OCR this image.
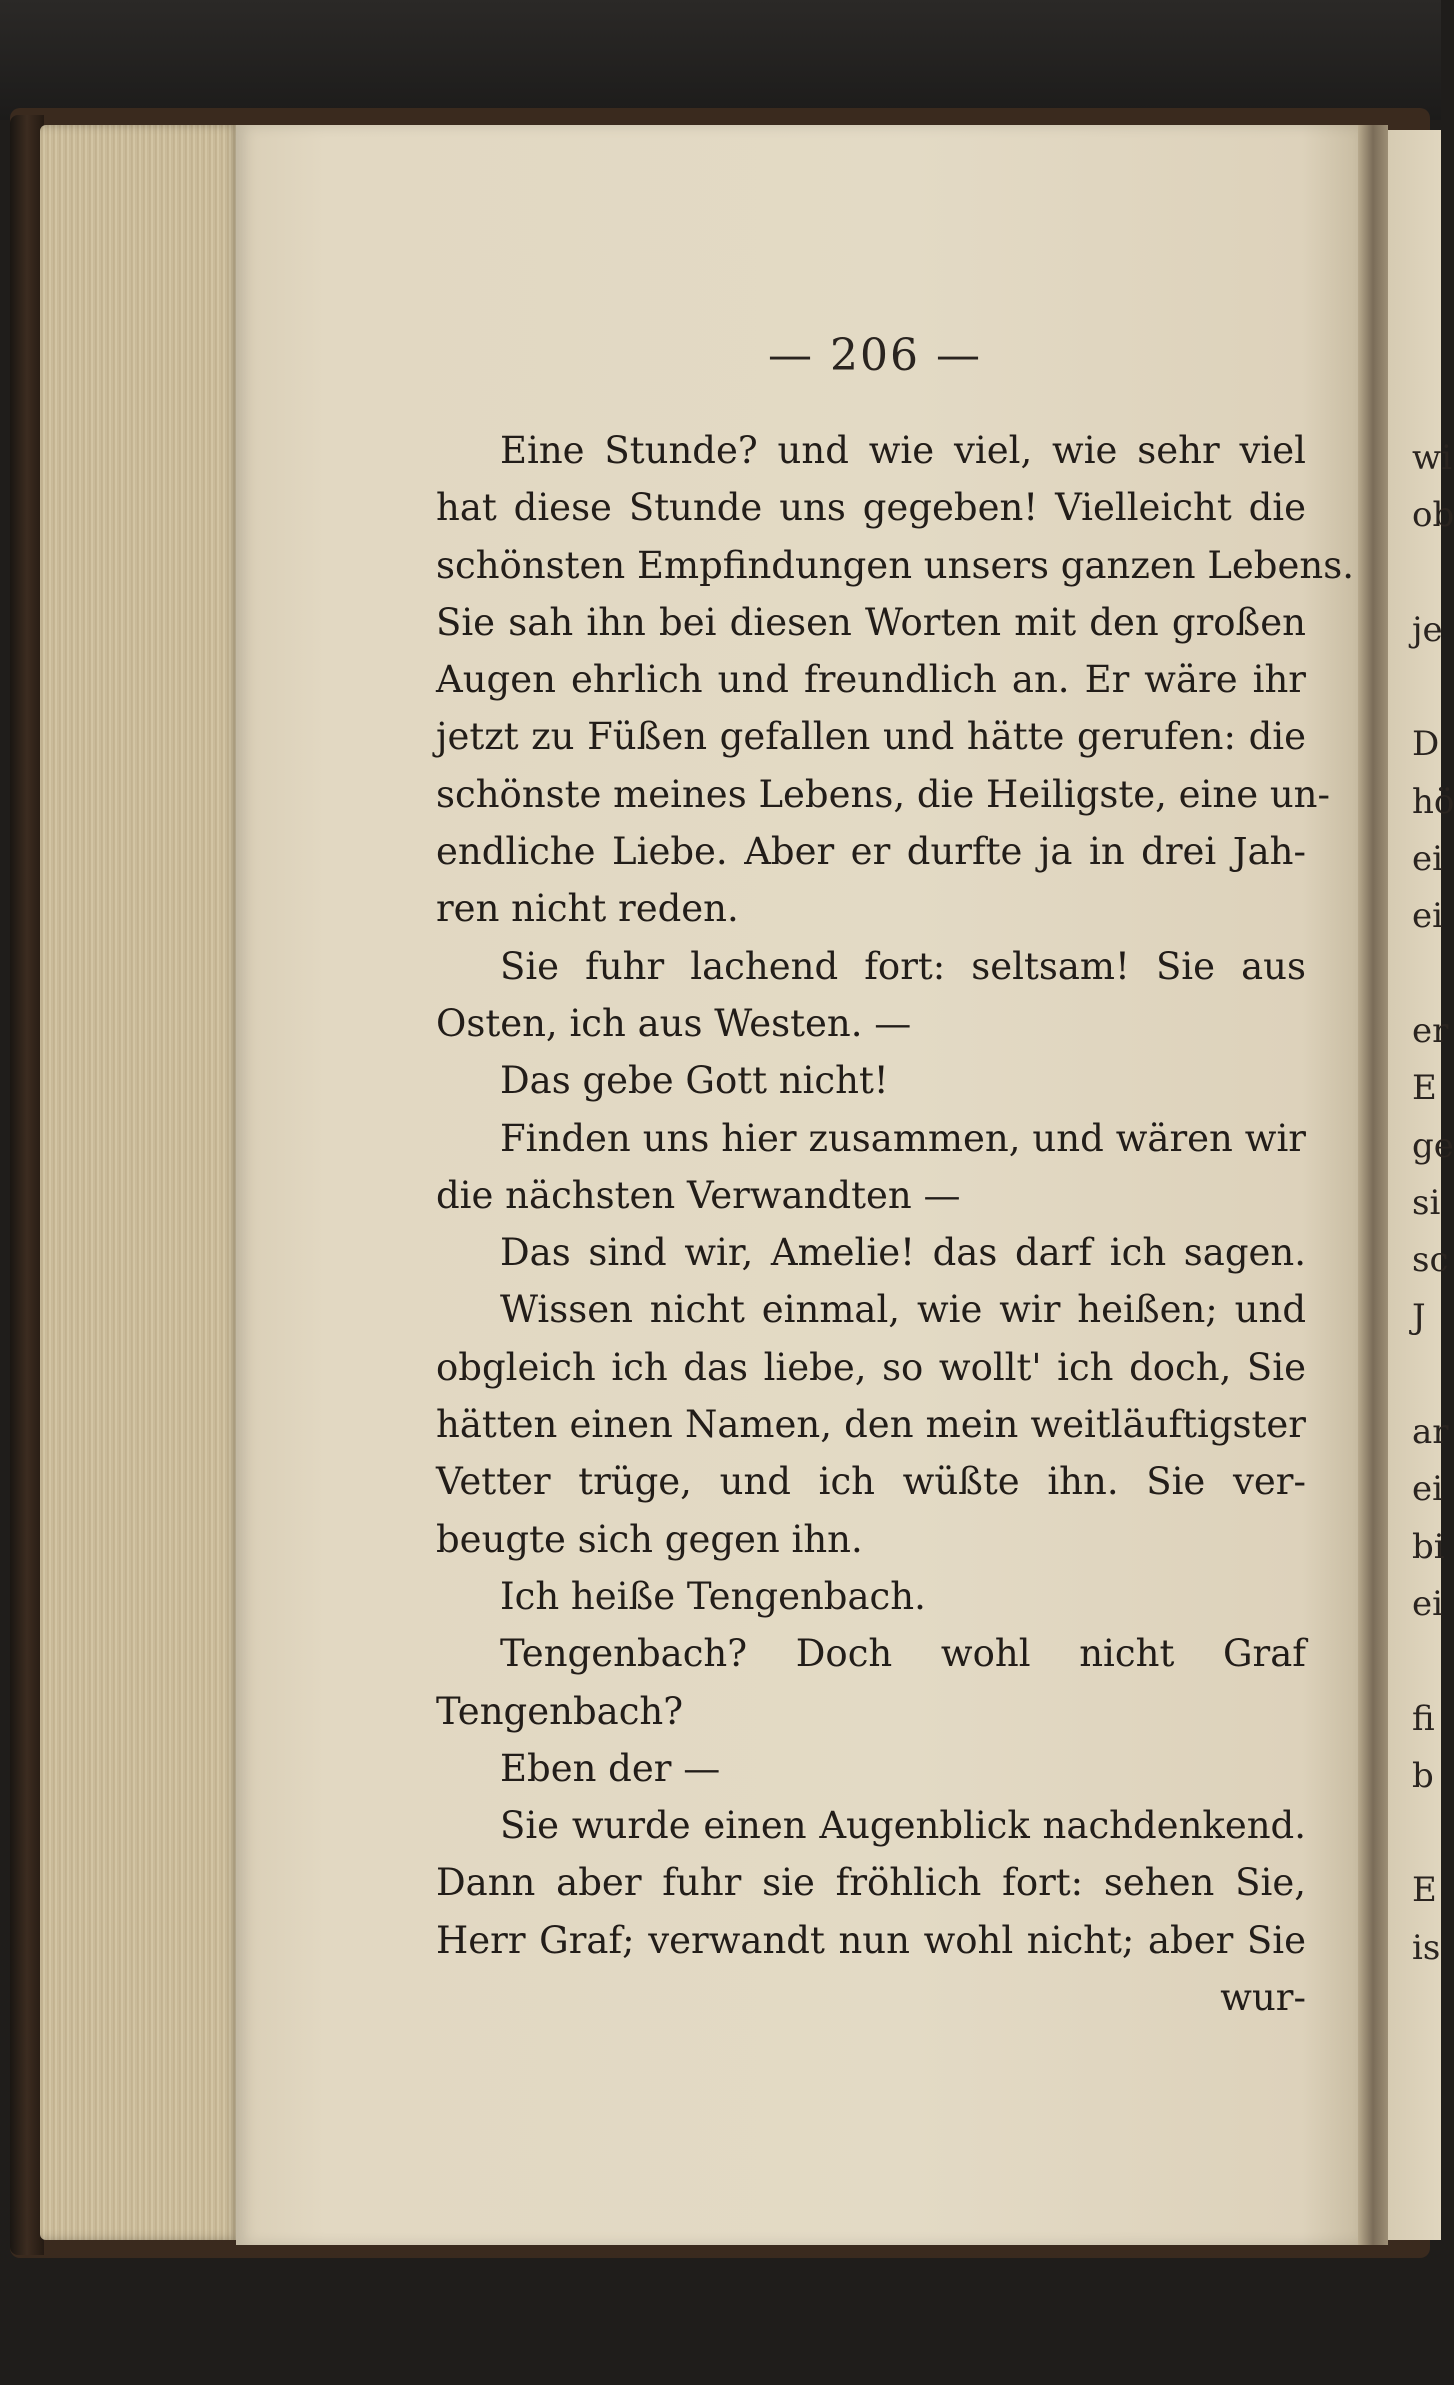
— 206 —
Eine Stunde? und wie viel, wie sehr viel
hat diese Stunde uns gegeben! Vielleicht die
schönsten Empfindungen unsers ganzen Lebens.
Sie sah ihn bei diesen Worten mit den großen
Augen ehrlich und freundlich an. Er wäre ihr
jetzt zu Füßen gefallen und hätte gerufen: die
schönste meines Lebens, die Heiligste, eine un-
endliche Liebe. Aber er durfte ja in drei Jah-
ren nicht reden.
Sie fuhr lachend fort: seltsam! Sie aus
Osten, ich aus Westen. —
Das gebe Gott nicht!
Finden uns hier zusammen, und wären wir
die nächsten Verwandten —
Das sind wir, Amelie! das darf ich sagen.
Wissen nicht einmal, wie wir heißen; und
obgleich ich das liebe, so wollt' ich doch, Sie
hätten einen Namen, den mein weitläuftigster
Vetter trüge, und ich wüßte ihn. Sie ver-
beugte sich gegen ihn.
Ich heiße Tengenbach.
Tengenbach? Doch wohl nicht Graf
Tengenbach?
Eben der —
Sie wurde einen Augenblick nachdenkend.
Dann aber fuhr sie fröhlich fort: sehen Sie,
Herr Graf; verwandt nun wohl nicht; aber Sie
wur-
wi
ob
je
D
hö
ei
ei
er
E
ge
si
sc
J
ar
ei
bi
ei
fi
b
E
is
